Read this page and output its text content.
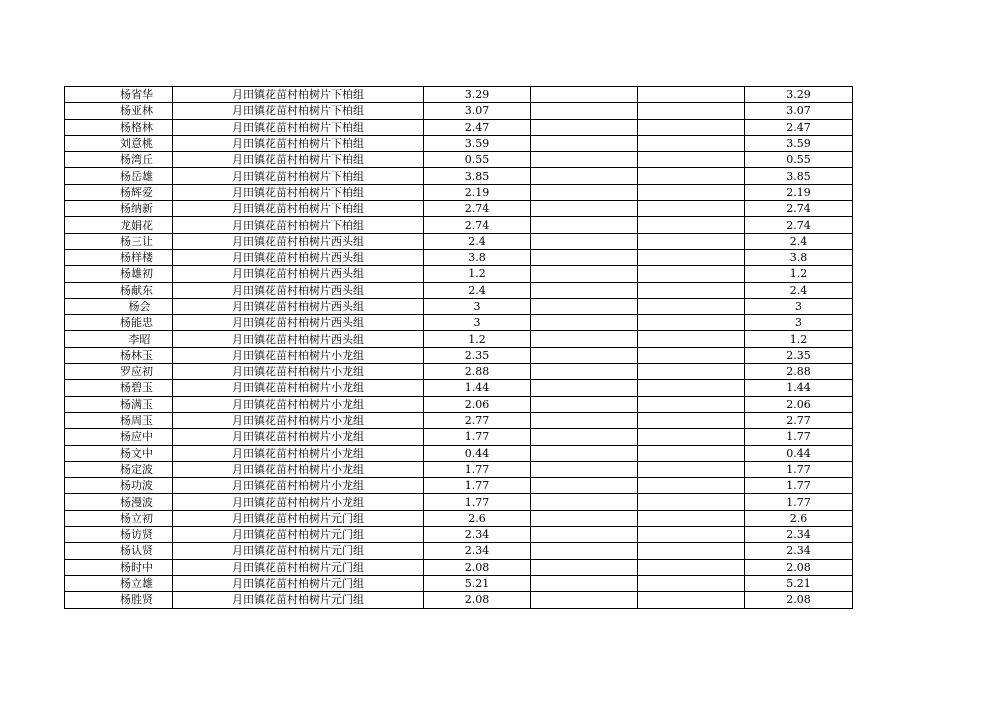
杨省华	月田镇花苗村柏树片下柏组	3.29			3.29
杨亚林	月田镇花苗村柏树片下柏组	3.07			3.07
杨格林	月田镇花苗村柏树片下柏组	2.47			2.47
刘意桃	月田镇花苗村柏树片下柏组	3.59			3.59
杨湾丘	月田镇花苗村柏树片下柏组	0.55			0.55
杨岳雄	月田镇花苗村柏树片下柏组	3.85			3.85
杨辉爱	月田镇花苗村柏树片下柏组	2.19			2.19
杨纳新	月田镇花苗村柏树片下柏组	2.74			2.74
龙娟花	月田镇花苗村柏树片下柏组	2.74			2.74
杨三让	月田镇花苗村柏树片西头组	2.4			2.4
杨样楼	月田镇花苗村柏树片西头组	3.8			3.8
杨雄初	月田镇花苗村柏树片西头组	1.2			1.2
杨献东	月田镇花苗村柏树片西头组	2.4			2.4
杨会	月田镇花苗村柏树片西头组	3			3
杨能忠	月田镇花苗村柏树片西头组	3			3
李昭	月田镇花苗村柏树片西头组	1.2			1.2
杨林玉	月田镇花苗村柏树片小龙组	2.35			2.35
罗应初	月田镇花苗村柏树片小龙组	2.88			2.88
杨碧玉	月田镇花苗村柏树片小龙组	1.44			1.44
杨满玉	月田镇花苗村柏树片小龙组	2.06			2.06
杨周玉	月田镇花苗村柏树片小龙组	2.77			2.77
杨应中	月田镇花苗村柏树片小龙组	1.77			1.77
杨文中	月田镇花苗村柏树片小龙组	0.44			0.44
杨定波	月田镇花苗村柏树片小龙组	1.77			1.77
杨功波	月田镇花苗村柏树片小龙组	1.77			1.77
杨漫波	月田镇花苗村柏树片小龙组	1.77			1.77
杨立初	月田镇花苗村柏树片元门组	2.6			2.6
杨访贤	月田镇花苗村柏树片元门组	2.34			2.34
杨认贤	月田镇花苗村柏树片元门组	2.34			2.34
杨时中	月田镇花苗村柏树片元门组	2.08			2.08
杨立雄	月田镇花苗村柏树片元门组	5.21			5.21
杨胜贤	月田镇花苗村柏树片元门组	2.08			2.08
